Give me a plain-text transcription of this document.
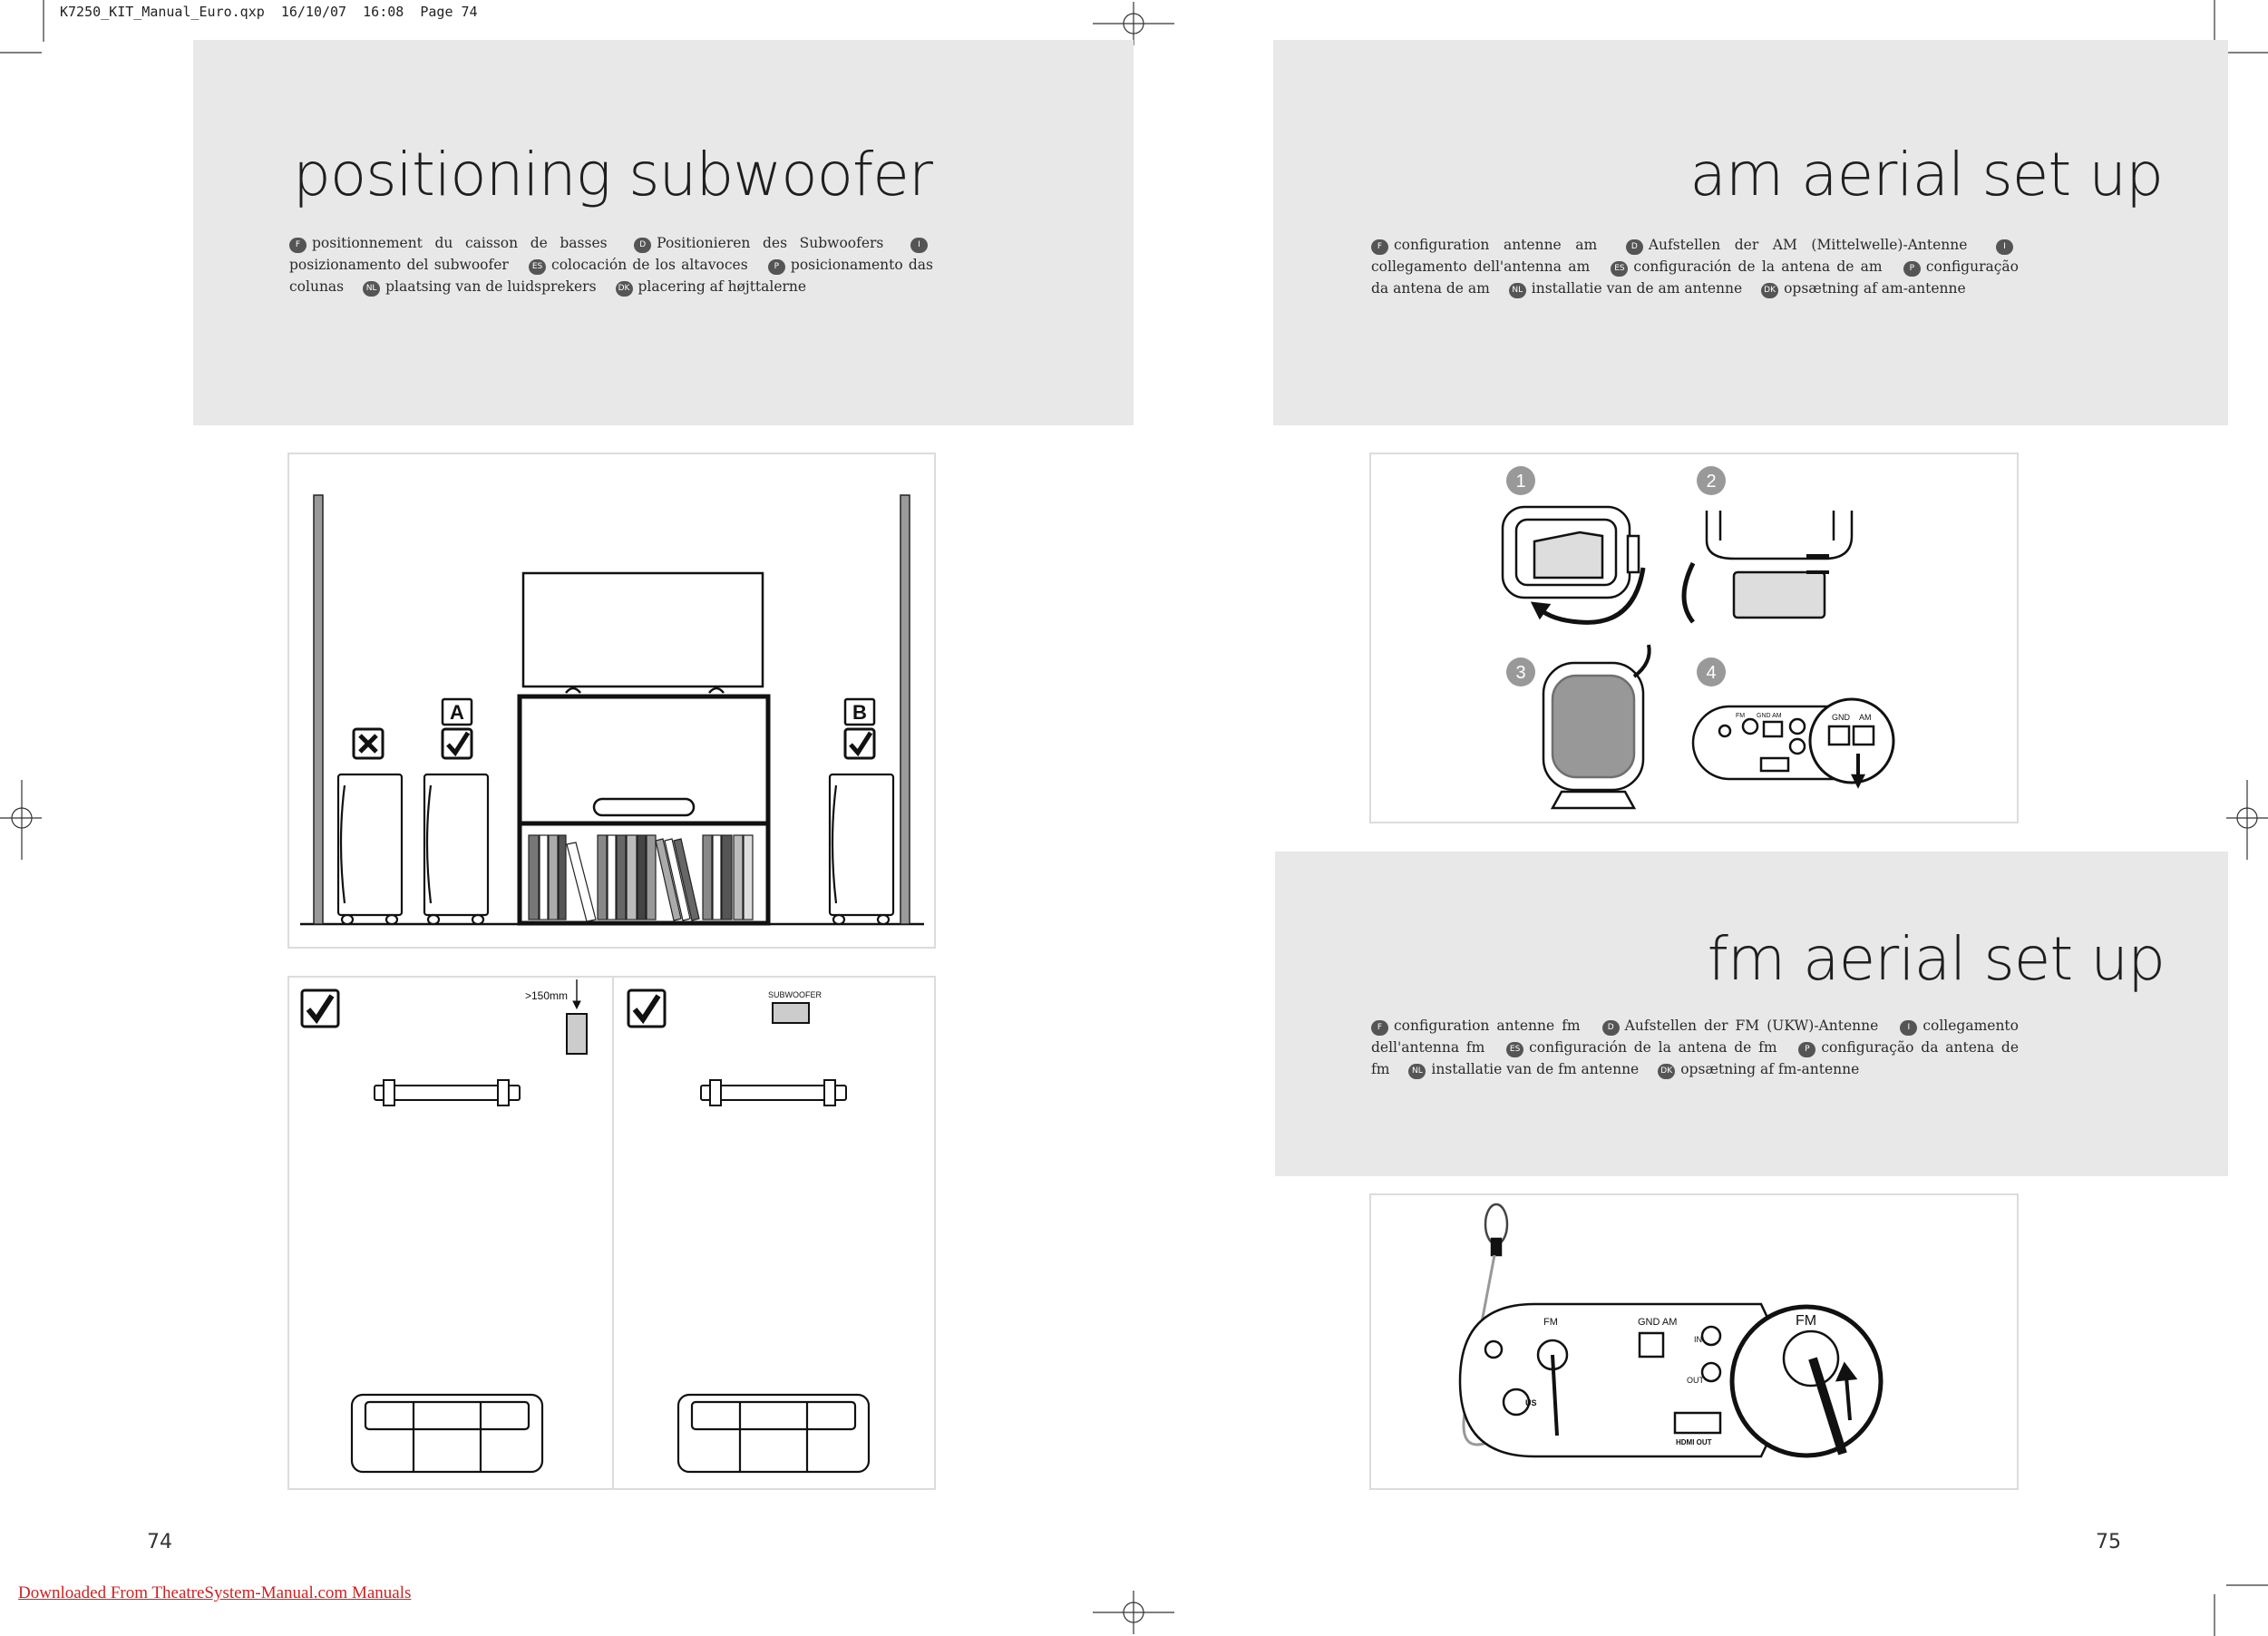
K7250_KIT_Manual_Euro.qxp  16/10/07  16:08  Page 74
positioning subwoofer
F positionnement du caisson de basses	D Positionieren des Subwoofers	Iposizionamento del subwoofer	ES colocación de los altavoces	P posicionamento das colunas	NL plaatsing van de luidsprekers	DK placering af højttalerne
A	B
>150mm	SUBWOOFER
74
am aerial set up
F configuration antenne am	D Aufstellen der AM (Mittelwelle)-Antenne	Icollegamento dell'antenna am	ES configuración de la antena de am	P configuração da antena de am	NL installatie van de am antenne	DK opsætning af am-antenne
1	2
3	4
FM GND AM	GND AM
fm aerial set up
F configuration antenne fm	D Aufstellen der FM (UKW)-Antenne	I collegamento dell'antenna fm	ES configuración de la antena de fm	P configuração da antena de fm	NL installatie van de fm antenne	DK opsætning af fm-antenne
FM	GND AM
IN
OUT
HDMI OUT
FM
US
75
Downloaded From TheatreSystem-Manual.com Manuals
